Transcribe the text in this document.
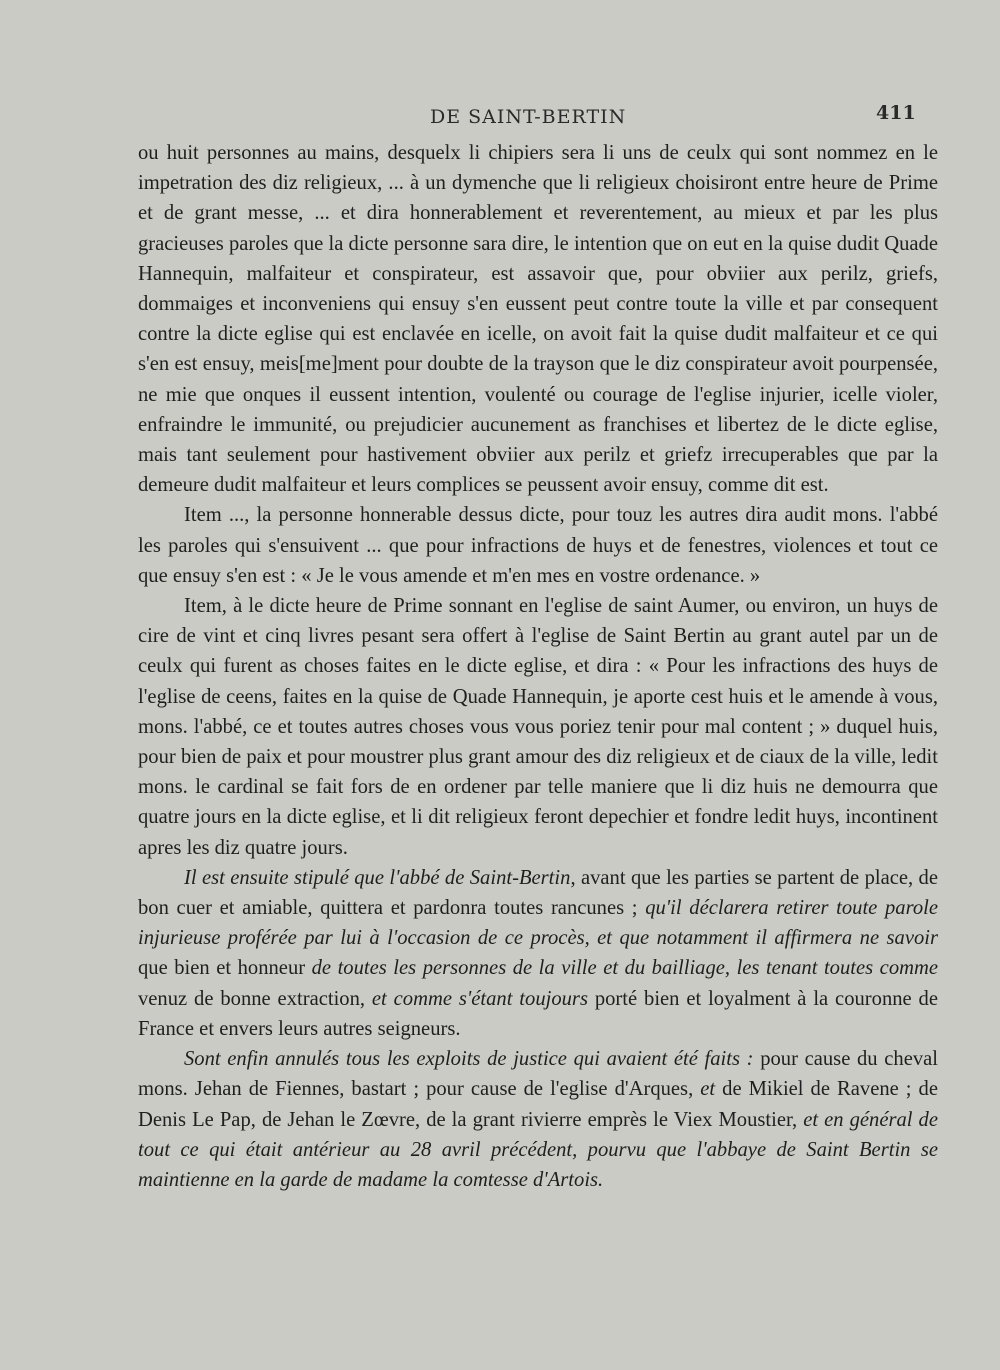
DE SAINT-BERTIN	411

ou huit personnes au mains, desquelx li chipiers sera li uns de ceulx qui sont nommez en le impetration des diz religieux, ... à un dymenche que li religieux choisiront entre heure de Prime et de grant messe, ... et dira honnerablement et reverentement, au mieux et par les plus gracieuses paroles que la dicte personne sara dire, le intention que on eut en la quise dudit Quade Hannequin, malfaiteur et conspirateur, est assavoir que, pour obviier aux perilz, griefs, dommaiges et inconveniens qui ensuy s'en eussent peut contre toute la ville et par consequent contre la dicte eglise qui est enclavée en icelle, on avoit fait la quise dudit malfaiteur et ce qui s'en est ensuy, meis[me]ment pour doubte de la trayson que le diz conspirateur avoit pourpensée, ne mie que onques il eussent intention, voulenté ou courage de l'eglise injurier, icelle violer, enfraindre le immunité, ou prejudicier aucunement as franchises et libertez de le dicte eglise, mais tant seulement pour hastivement obviier aux perilz et griefz irrecuperables que par la demeure dudit malfaiteur et leurs complices se peussent avoir ensuy, comme dit est.

Item ..., la personne honnerable dessus dicte, pour touz les autres dira audit mons. l'abbé les paroles qui s'ensuivent ... que pour infractions de huys et de fenestres, violences et tout ce que ensuy s'en est : « Je le vous amende et m'en mes en vostre ordenance. »

Item, à le dicte heure de Prime sonnant en l'eglise de saint Aumer, ou environ, un huys de cire de vint et cinq livres pesant sera offert à l'eglise de Saint Bertin au grant autel par un de ceulx qui furent as choses faites en le dicte eglise, et dira : « Pour les infractions des huys de l'eglise de ceens, faites en la quise de Quade Hannequin, je aporte cest huis et le amende à vous, mons. l'abbé, ce et toutes autres choses vous vous poriez tenir pour mal content ; » duquel huis, pour bien de paix et pour moustrer plus grant amour des diz religieux et de ciaux de la ville, ledit mons. le cardinal se fait fors de en ordener par telle maniere que li diz huis ne demourra que quatre jours en la dicte eglise, et li dit religieux feront depechier et fondre ledit huys, incontinent apres les diz quatre jours.

Il est ensuite stipulé que l'abbé de Saint-Bertin, avant que les parties se partent de place, de bon cuer et amiable, quittera et pardonra toutes rancunes ; qu'il déclarera retirer toute parole injurieuse proférée par lui à l'occasion de ce procès, et que notamment il affirmera ne savoir que bien et honneur de toutes les personnes de la ville et du bailliage, les tenant toutes comme venuz de bonne extraction, et comme s'étant toujours porté bien et loyalment à la couronne de France et envers leurs autres seigneurs.

Sont enfin annulés tous les exploits de justice qui avaient été faits : pour cause du cheval mons. Jehan de Fiennes, bastart ; pour cause de l'eglise d'Arques, et de Mikiel de Ravene ; de Denis Le Pap, de Jehan le Zœvre, de la grant rivierre emprès le Viex Moustier, et en général de tout ce qui était antérieur au 28 avril précédent, pourvu que l'abbaye de Saint Bertin se maintienne en la garde de madame la comtesse d'Artois.
